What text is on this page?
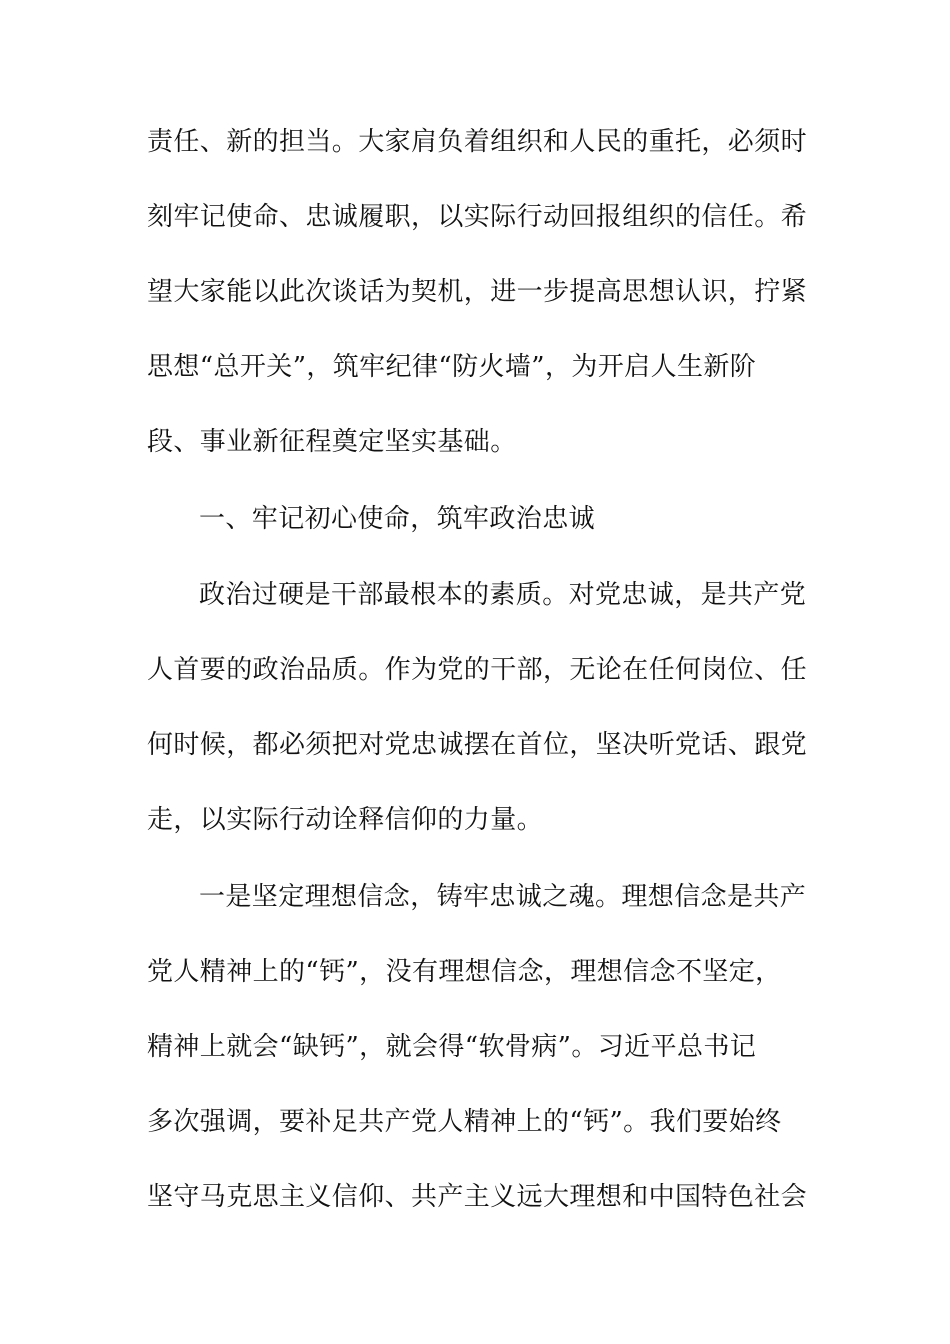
责任、新的担当。大家肩负着组织和人民的重托，必须时
刻牢记使命、忠诚履职，以实际行动回报组织的信任。希
望大家能以此次谈话为契机，进一步提高思想认识，拧紧
思想“总开关”，筑牢纪律“防火墙”，为开启人生新阶
段、事业新征程奠定坚实基础。
一、牢记初心使命，筑牢政治忠诚
政治过硬是干部最根本的素质。对党忠诚，是共产党
人首要的政治品质。作为党的干部，无论在任何岗位、任
何时候，都必须把对党忠诚摆在首位，坚决听党话、跟党
走，以实际行动诠释信仰的力量。
一是坚定理想信念，铸牢忠诚之魂。理想信念是共产
党人精神上的“钙”，没有理想信念，理想信念不坚定，
精神上就会“缺钙”，就会得“软骨病”。习近平总书记
多次强调，要补足共产党人精神上的“钙”。我们要始终
坚守马克思主义信仰、共产主义远大理想和中国特色社会
